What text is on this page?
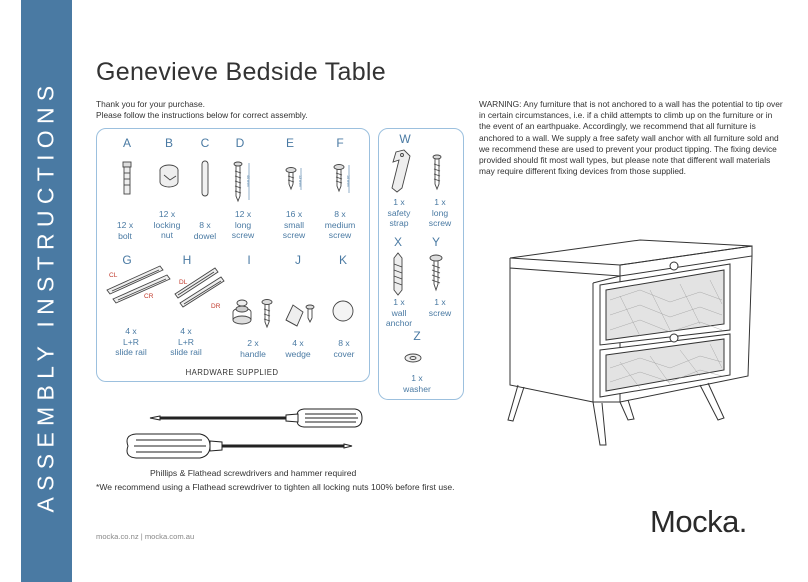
ASSEMBLY INSTRUCTIONS
Genevieve Bedside Table
Thank you for your purchase.
Please follow the instructions below for correct assembly.
WARNING: Any furniture that is not anchored to a wall has the potential to tip over in certain circumstances, i.e. if a child attempts to climb up on the furniture or in the event of an earthpuake. Accordingly, we recommend that all furniture is anchored to a wall. We supply a free safety wall anchor with all furniture sold and we recommend these are used to prevent your product tipping. The fixing device provided should fit most wall types, but please note that different wall materials may require different fixing devices from those supplied.
A	B	C	D	E	F
G	H	I	J	K
W
X	Y
Z
12 x
bolt
12 x
locking
nut
8 x
dowel
12 x
long
screw
16 x
small
screw
8 x
medium
screw
4 x
L+R
slide rail
4 x
L+R
slide rail
2 x
handle
4 x
wedge
8 x
cover
1 x
safety
strap
1 x
long
screw
1 x
wall
anchor
1 x
screw
1 x
washer
CL
CR
DL
DR
HARDWARE SUPPLIED
40 mm	12 mm	16 mm
Phillips & Flathead screwdrivers and hammer required
*We recommend using a Flathead screwdriver to tighten all locking nuts 100% before first use.
mocka.co.nz | mocka.com.au	Mocka.
